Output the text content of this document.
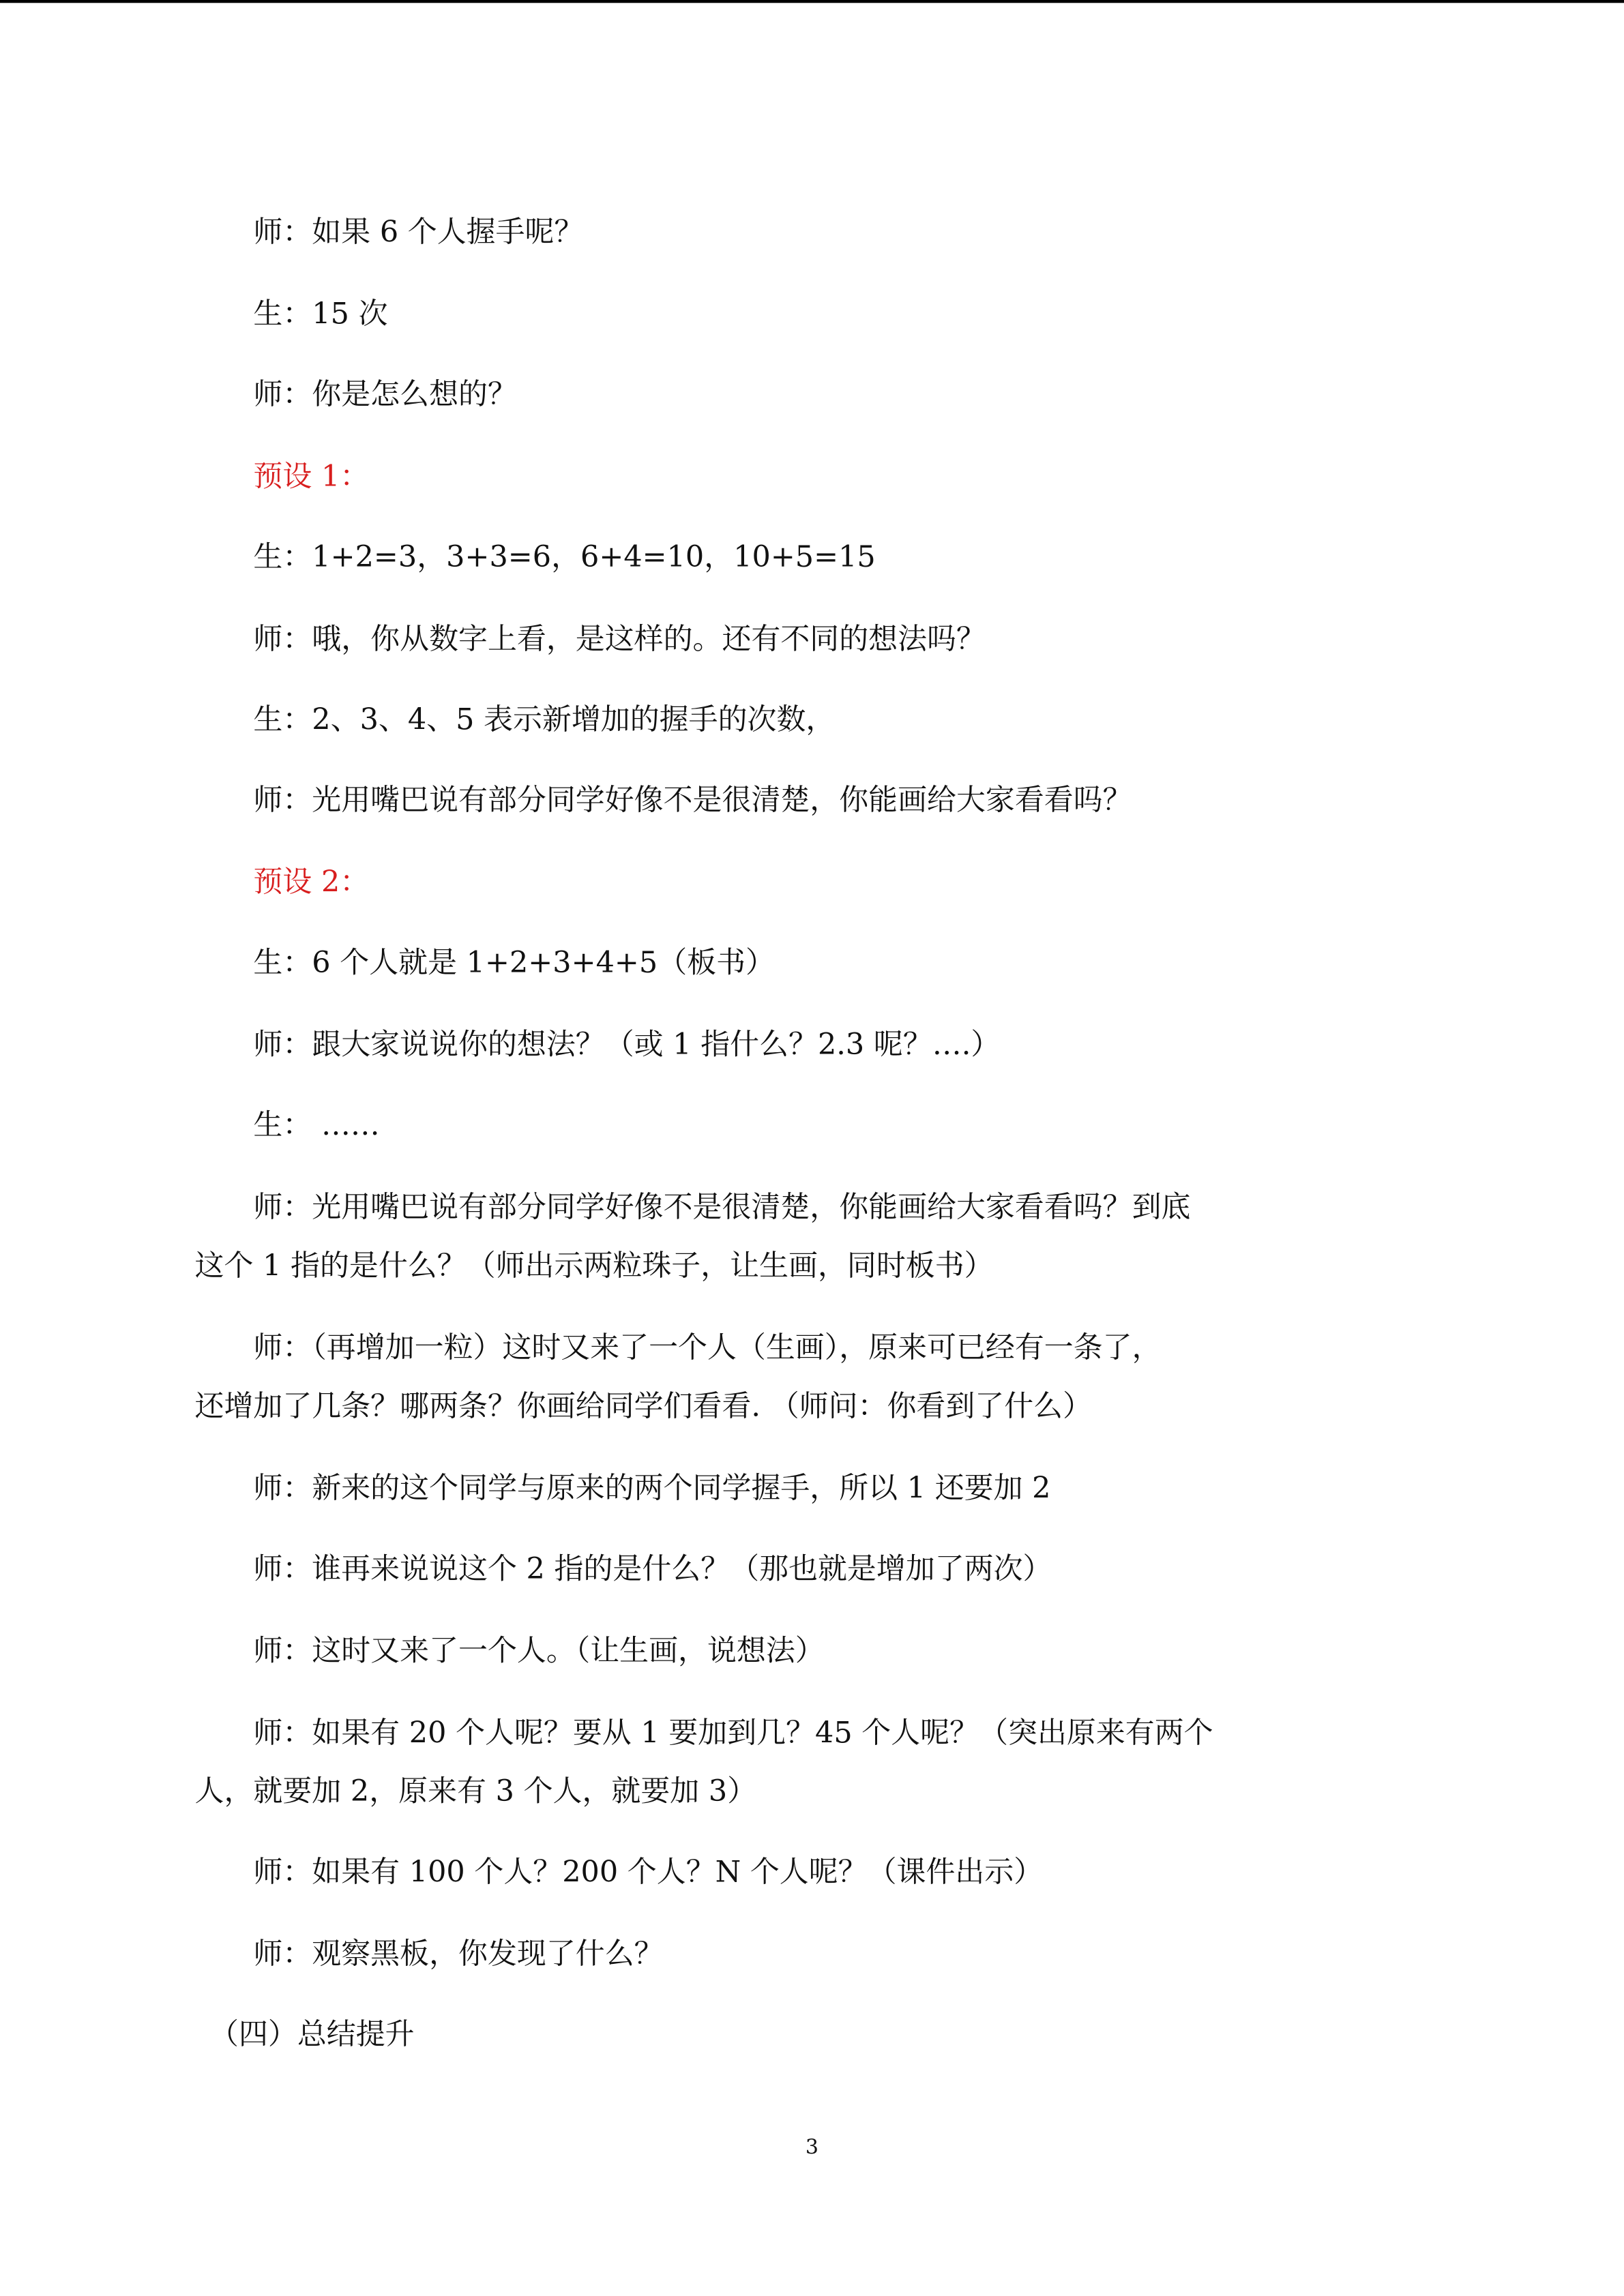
　　师：如果 6 个人握手呢？
　　生：15 次
　　师：你是怎么想的？
　　预设 1：
　　生：1+2=3，3+3=6，6+4=10，10+5=15
　　师：哦，你从数字上看，是这样的。还有不同的想法吗？
　　生：2、3、4、5 表示新增加的握手的次数，
　　师：光用嘴巴说有部分同学好像不是很清楚，你能画给大家看看吗？
　　预设 2：
　　生：6 个人就是 1+2+3+4+5（板书）
　　师：跟大家说说你的想法？（或 1 指什么？2.3 呢？….）
　　生： ……
　　师：光用嘴巴说有部分同学好像不是很清楚，你能画给大家看看吗？到底
这个 1 指的是什么？（师出示两粒珠子，让生画，同时板书）
　　师：（再增加一粒）这时又来了一个人（生画），原来可已经有一条了，
还增加了几条？哪两条？你画给同学们看看. （师问：你看到了什么）
　　师：新来的这个同学与原来的两个同学握手，所以 1 还要加 2
　　师：谁再来说说这个 2 指的是什么？（那也就是增加了两次）
　　师：这时又来了一个人。（让生画，说想法）
　　师：如果有 20 个人呢？要从 1 要加到几？45 个人呢？（突出原来有两个
人，就要加 2，原来有 3 个人，就要加 3）
　　师：如果有 100 个人？200 个人？N 个人呢？（课件出示）
　　师：观察黑板，你发现了什么？
　（四）总结提升
3
